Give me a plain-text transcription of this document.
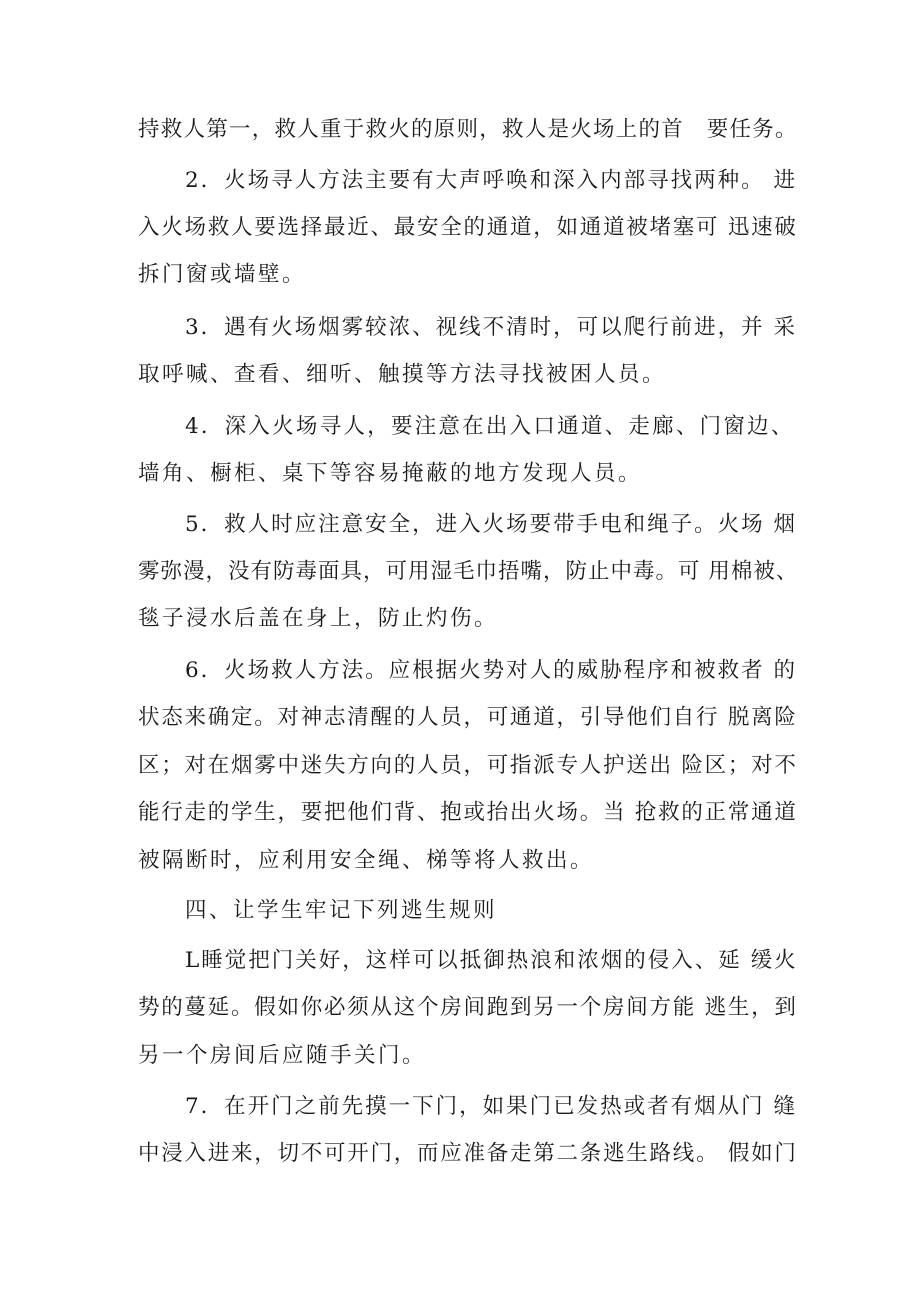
持救人第一，救人重于救火的原则，救人是火场上的首　要任务。
2．火场寻人方法主要有大声呼唤和深入内部寻找两种。 进
入火场救人要选择最近、最安全的通道，如通道被堵塞可 迅速破
拆门窗或墙壁。
3．遇有火场烟雾较浓、视线不清时，可以爬行前进，并 采
取呼喊、查看、细听、触摸等方法寻找被困人员。
4．深入火场寻人，要注意在出入口通道、走廊、门窗边、
墙角、橱柜、桌下等容易掩蔽的地方发现人员。
5．救人时应注意安全，进入火场要带手电和绳子。火场 烟
雾弥漫，没有防毒面具，可用湿毛巾捂嘴，防止中毒。可 用棉被、
毯子浸水后盖在身上，防止灼伤。
6．火场救人方法。应根据火势对人的威胁程序和被救者 的
状态来确定。对神志清醒的人员，可通道，引导他们自行 脱离险
区；对在烟雾中迷失方向的人员，可指派专人护送出 险区；对不
能行走的学生，要把他们背、抱或抬出火场。当 抢救的正常通道
被隔断时，应利用安全绳、梯等将人救出。
四、让学生牢记下列逃生规则
L睡觉把门关好，这样可以抵御热浪和浓烟的侵入、延 缓火
势的蔓延。假如你必须从这个房间跑到另一个房间方能 逃生，到
另一个房间后应随手关门。
7．在开门之前先摸一下门，如果门已发热或者有烟从门 缝
中浸入进来，切不可开门，而应准备走第二条逃生路线。 假如门
